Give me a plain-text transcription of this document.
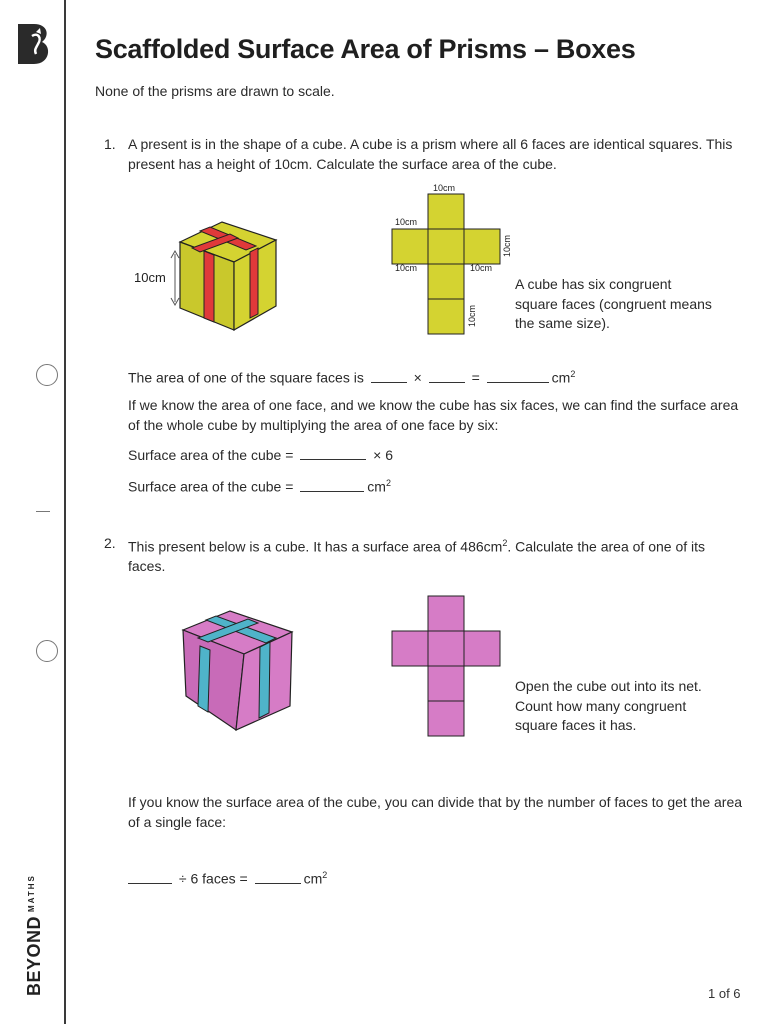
$BEYOND^{MATHS}$
Scaffolded Surface Area of Prisms – Boxes

None of the prisms are drawn to scale.

1. A present is in the shape of a cube. A cube is a prism where all 6 faces are identical squares. This present has a height of 10cm. Calculate the surface area of the cube.

10cm
10cm
10cm
10cm	10cm
10cm
10cm

A cube has six congruent square faces (congruent means the same size).

The area of one of the square faces is	×	=	$cm^2$

If we know the area of one face, and we know the cube has six faces, we can find the surface area of the whole cube by multiplying the area of one face by six:

Surface area of the cube =	× 6

Surface area of the cube =	$cm^2$

2. This present below is a cube. It has a surface area of $486cm^2$. Calculate the area of one of its faces.

Open the cube out into its net. Count how many congruent square faces it has.

If you know the surface area of the cube, you can divide that by the number of faces to get the area of a single face:

÷ 6 faces =	$cm^2$

1 of 6
